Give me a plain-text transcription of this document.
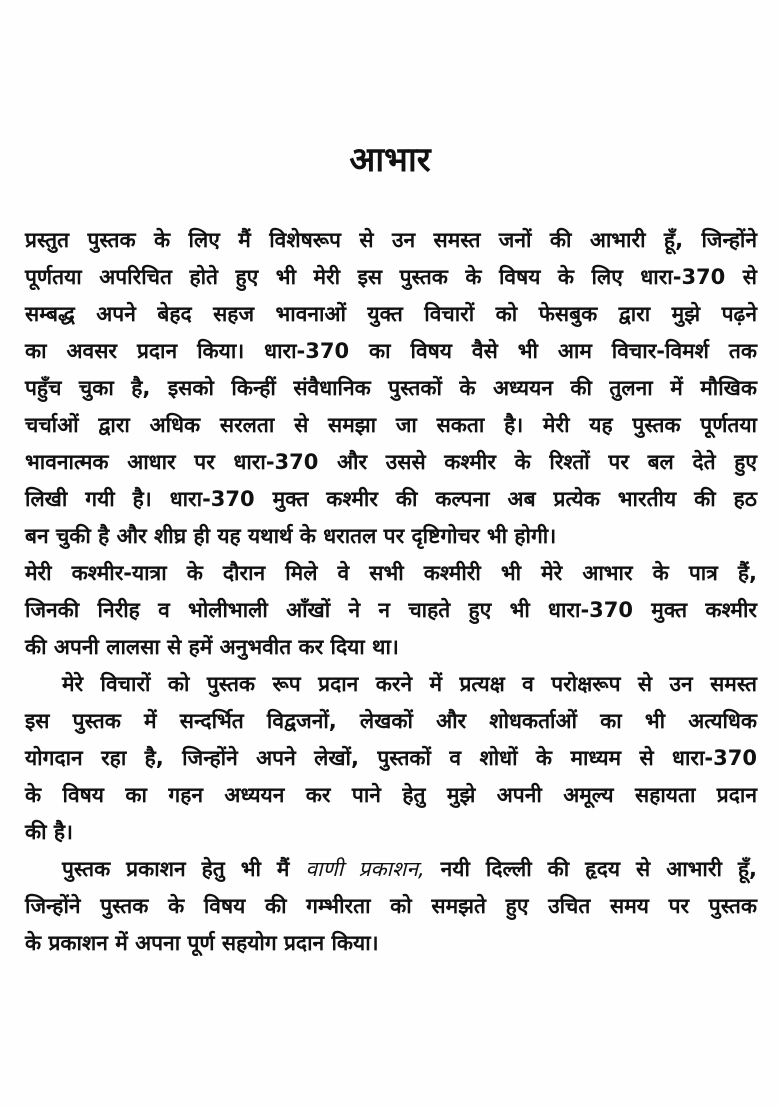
आभार
प्रस्तुत पुस्तक के लिए मैं विशेषरूप से उन समस्त जनों की आभारी हूँ, जिन्होंने
पूर्णतया अपरिचित होते हुए भी मेरी इस पुस्तक के विषय के लिए धारा-370 से
सम्बद्ध अपने बेहद सहज भावनाओं युक्त विचारों को फेसबुक द्वारा मुझे पढ़ने
का अवसर प्रदान किया। धारा-370 का विषय वैसे भी आम विचार-विमर्श तक
पहुँच चुका है, इसको किन्हीं संवैधानिक पुस्तकों के अध्ययन की तुलना में मौखिक
चर्चाओं द्वारा अधिक सरलता से समझा जा सकता है। मेरी यह पुस्तक पूर्णतया
भावनात्मक आधार पर धारा-370 और उससे कश्मीर के रिश्तों पर बल देते हुए
लिखी गयी है। धारा-370 मुक्त कश्मीर की कल्पना अब प्रत्येक भारतीय की हठ
बन चुकी है और शीघ्र ही यह यथार्थ के धरातल पर दृष्टिगोचर भी होगी।
मेरी कश्मीर-यात्रा के दौरान मिले वे सभी कश्मीरी भी मेरे आभार के पात्र हैं,
जिनकी निरीह व भोलीभाली आँखों ने न चाहते हुए भी धारा-370 मुक्त कश्मीर
की अपनी लालसा से हमें अनुभवीत कर दिया था।
मेरे विचारों को पुस्तक रूप प्रदान करने में प्रत्यक्ष व परोक्षरूप से उन समस्त
इस पुस्तक में सन्दर्भित विद्वजनों, लेखकों और शोधकर्ताओं का भी अत्यधिक
योगदान रहा है, जिन्होंने अपने लेखों, पुस्तकों व शोधों के माध्यम से धारा-370
के विषय का गहन अध्ययन कर पाने हेतु मुझे अपनी अमूल्य सहायता प्रदान
की है।
पुस्तक प्रकाशन हेतु भी मैं वाणी प्रकाशन, नयी दिल्ली की हृदय से आभारी हूँ,
जिन्होंने पुस्तक के विषय की गम्भीरता को समझते हुए उचित समय पर पुस्तक
के प्रकाशन में अपना पूर्ण सहयोग प्रदान किया।
